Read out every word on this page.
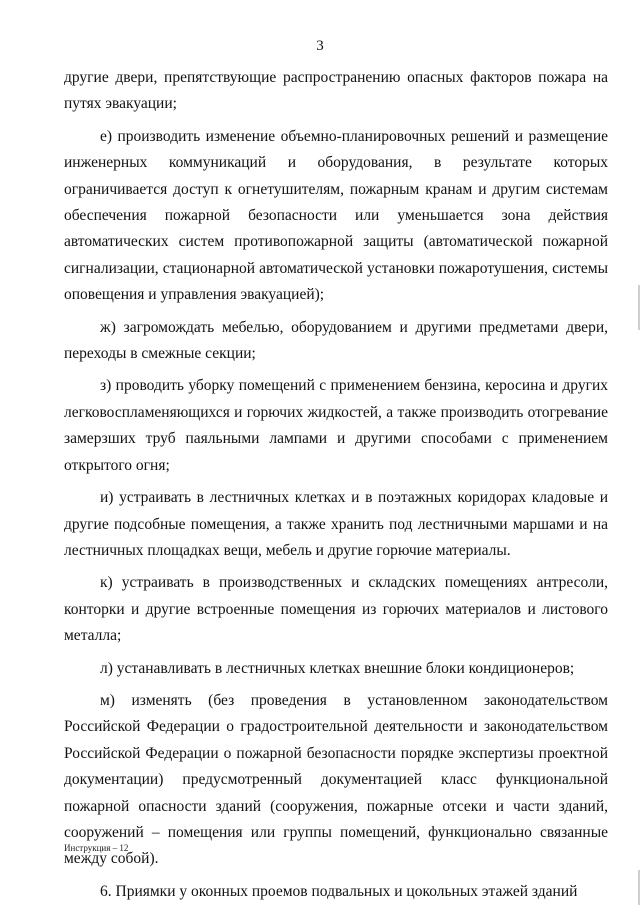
3

другие двери, препятствующие распространению опасных факторов пожара на путях эвакуации;

е) производить изменение объемно-планировочных решений и размещение инженерных коммуникаций и оборудования, в результате которых ограничивается доступ к огнетушителям, пожарным кранам и другим системам обеспечения пожарной безопасности или уменьшается зона действия автоматических систем противопожарной защиты (автоматической пожарной сигнализации, стационарной автоматической установки пожаротушения, системы оповещения и управления эвакуацией);

ж) загромождать мебелью, оборудованием и другими предметами двери, переходы в смежные секции;

з) проводить уборку помещений с применением бензина, керосина и других легковоспламеняющихся и горючих жидкостей, а также производить отогревание замерзших труб паяльными лампами и другими способами с применением открытого огня;

и) устраивать в лестничных клетках и в поэтажных коридорах кладовые и другие подсобные помещения, а также хранить под лестничными маршами и на лестничных площадках вещи, мебель и другие горючие материалы.

к) устраивать в производственных и складских помещениях антресоли, конторки и другие встроенные помещения из горючих материалов и листового металла;

л) устанавливать в лестничных клетках внешние блоки кондиционеров;

м) изменять (без проведения в установленном законодательством Российской Федерации о градостроительной деятельности и законодательством Российской Федерации о пожарной безопасности порядке экспертизы проектной документации) предусмотренный документацией класс функциональной пожарной опасности зданий (сооружения, пожарные отсеки и части зданий, сооружений – помещения или группы помещений, функционально связанные между собой).

6. Приямки у оконных проемов подвальных и цокольных этажей зданий

Инструкция – 12
